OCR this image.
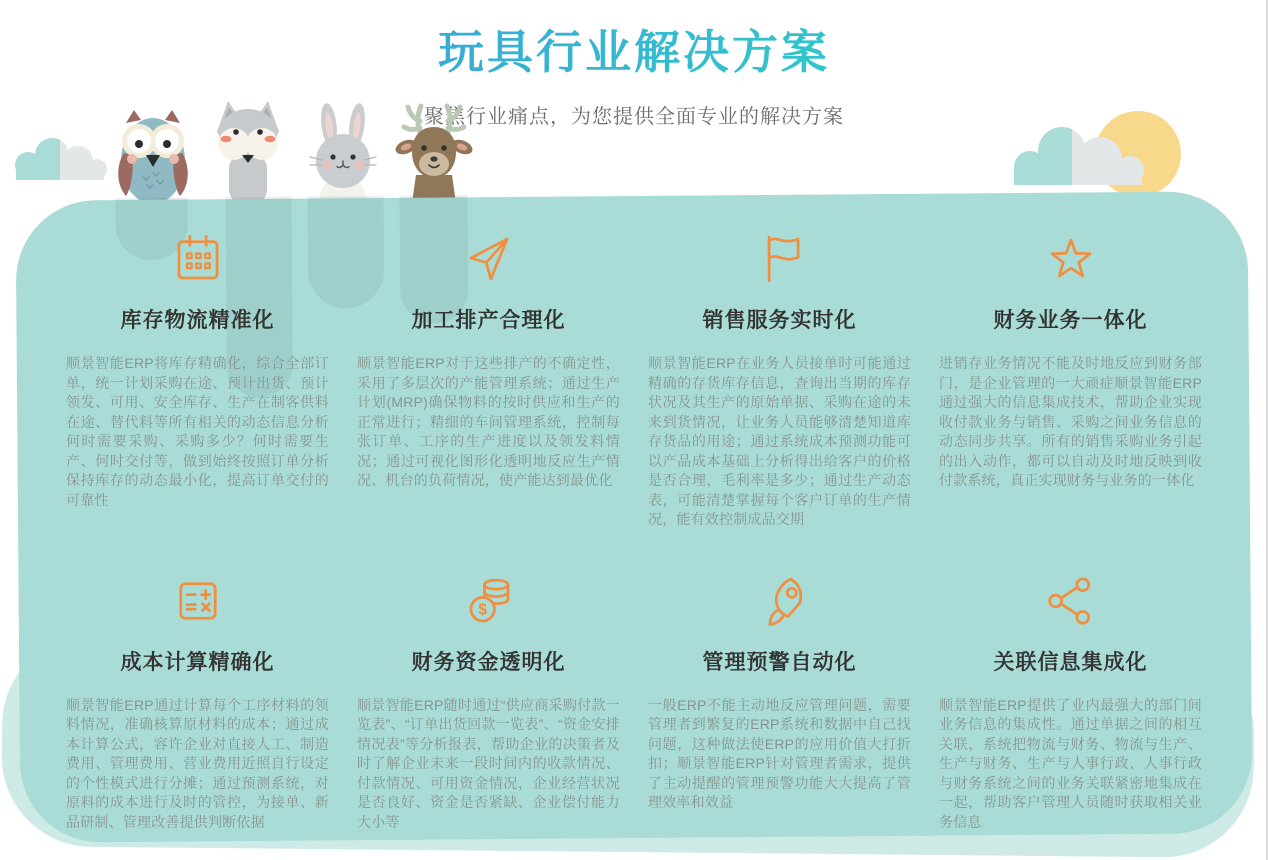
玩具行业解决方案
聚焦行业痛点，为您提供全面专业的解决方案
库存物流精准化
顺景智能ERP将库存精确化，综合全部订单，统一计划采购在途、预计出货、预计领发、可用、安全库存、生产在制客供料在途、替代料等所有相关的动态信息分析何时需要采购、采购多少？何时需要生产、何时交付等，做到始终按照订单分析保持库存的动态最小化，提高订单交付的可靠性
加工排产合理化
顺景智能ERP对于这些排产的不确定性，采用了多层次的产能管理系统；通过生产计划(MRP)确保物料的按时供应和生产的正常进行；精细的车间管理系统，控制每张订单、工序的生产进度以及领发料情况；通过可视化图形化透明地反应生产情况、机台的负荷情况，使产能达到最优化
销售服务实时化
顺景智能ERP在业务人员接单时可能通过精确的存货库存信息，查询出当期的库存状况及其生产的原始单据、采购在途的未来到货情况，让业务人员能够清楚知道库存货品的用途；通过系统成本预测功能可以产品成本基础上分析得出给客户的价格是否合理，毛利率是多少；通过生产动态表，可能清楚掌握每个客户订单的生产情况，能有效控制成品交期
财务业务一体化
进销存业务情况不能及时地反应到财务部门，是企业管理的一大顽症顺景智能ERP通过强大的信息集成技术，帮助企业实现收付款业务与销售、采购之间业务信息的动态同步共享。所有的销售采购业务引起的出入动作，都可以自动及时地反映到收付款系统，真正实现财务与业务的一体化
成本计算精确化
顺景智能ERP通过计算每个工序材料的领料情况，准确核算原材料的成本；通过成本计算公式，容许企业对直接人工、制造费用、管理费用、营业费用近照自行设定的个性模式进行分摊；通过预测系统，对原料的成本进行及时的管控，为接单、新品研制、管理改善提供判断依据
$
财务资金透明化
顺景智能ERP随时通过“供应商采购付款一览表”、“订单出货回款一览表”、“资金安排情况表”等分析报表，帮助企业的决策者及时了解企业未来一段时间内的收款情况、付款情况、可用资金情况，企业经营状况是否良好、资金是否紧缺、企业偿付能力大小等
管理预警自动化
一般ERP不能主动地反应管理问题，需要管理者到繁复的ERP系统和数据中自己找问题，这种做法使ERP的应用价值大打折扣；顺景智能ERP针对管理者需求，提供了主动提醒的管理预警功能大大提高了管理效率和效益
关联信息集成化
顺景智能ERP提供了业内最强大的部门间业务信息的集成性。通过单据之间的相互关联，系统把物流与财务、物流与生产、生产与财务、生产与人事行政、人事行政与财务系统之间的业务关联紧密地集成在一起，帮助客户管理人员随时获取相关业务信息
